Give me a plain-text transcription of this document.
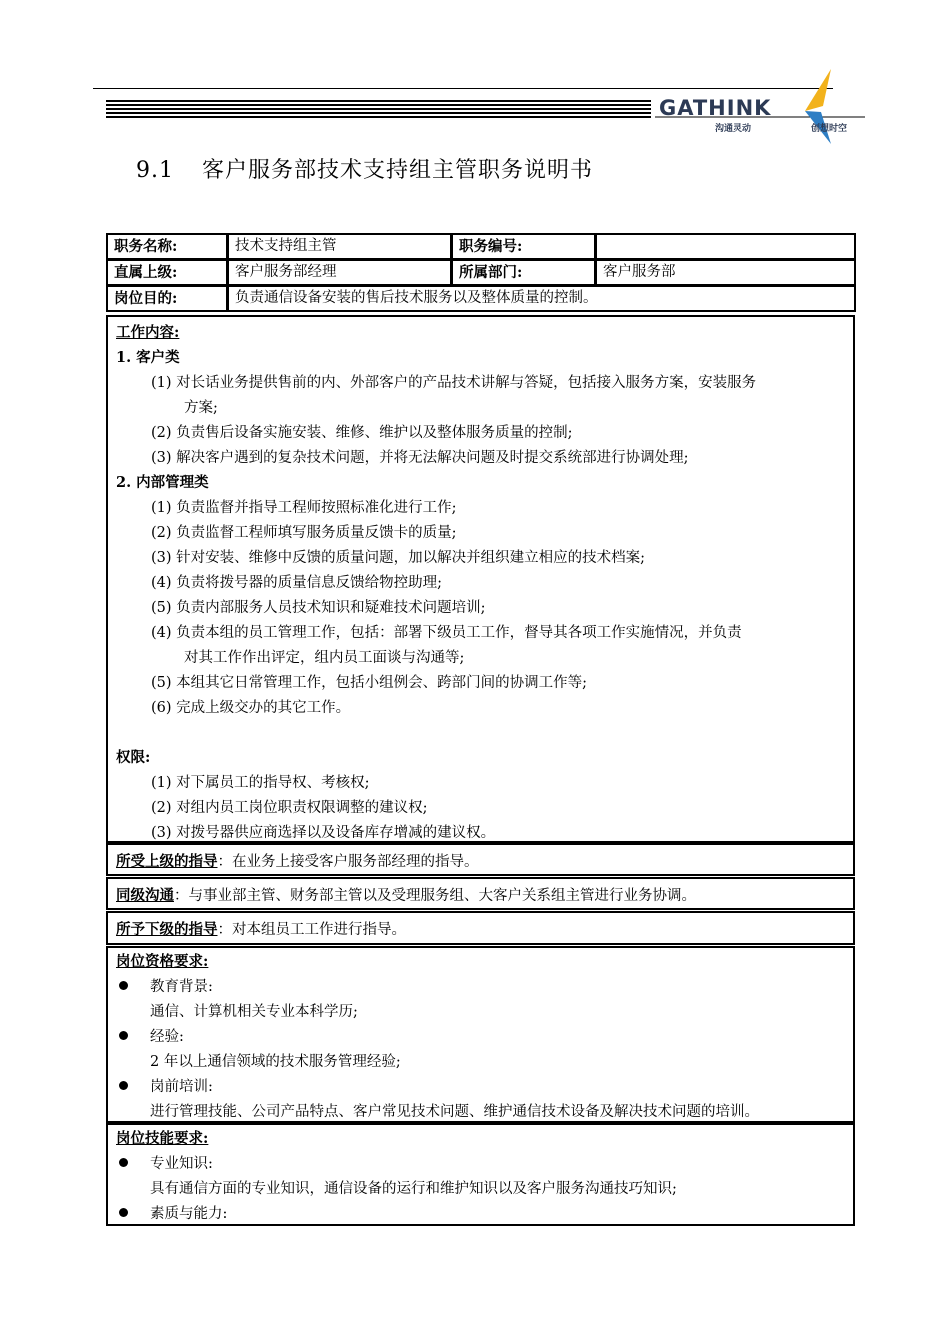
GATHINK
沟通灵动	创想时空
9.1 客户服务部技术支持组主管职务说明书
职务名称:	技术支持组主管	职务编号:	
直属上级:	客户服务部经理	所属部门:	客户服务部
岗位目的:	负责通信设备安装的售后技术服务以及整体质量的控制。		
工作内容:
1. 客户类
(1) 对长话业务提供售前的内、外部客户的产品技术讲解与答疑，包括接入服务方案，安装服务
方案;
(2) 负责售后设备实施安装、维修、维护以及整体服务质量的控制;
(3) 解决客户遇到的复杂技术问题，并将无法解决问题及时提交系统部进行协调处理;
2. 内部管理类
(1) 负责监督并指导工程师按照标准化进行工作;
(2) 负责监督工程师填写服务质量反馈卡的质量;
(3) 针对安装、维修中反馈的质量问题，加以解决并组织建立相应的技术档案;
(4) 负责将拨号器的质量信息反馈给物控助理;
(5) 负责内部服务人员技术知识和疑难技术问题培训;
(4) 负责本组的员工管理工作，包括：部署下级员工工作，督导其各项工作实施情况，并负责
对其工作作出评定，组内员工面谈与沟通等;
(5) 本组其它日常管理工作，包括小组例会、跨部门间的协调工作等;
(6) 完成上级交办的其它工作。
权限:
(1) 对下属员工的指导权、考核权;
(2) 对组内员工岗位职责权限调整的建议权;
(3) 对拨号器供应商选择以及设备库存增减的建议权。
所受上级的指导：在业务上接受客户服务部经理的指导。
同级沟通：与事业部主管、财务部主管以及受理服务组、大客户关系组主管进行业务协调。
所予下级的指导：对本组员工工作进行指导。
岗位资格要求:
教育背景:
通信、计算机相关专业本科学历;
经验:
2 年以上通信领域的技术服务管理经验;
岗前培训:
进行管理技能、公司产品特点、客户常见技术问题、维护通信技术设备及解决技术问题的培训。
岗位技能要求:
专业知识:
具有通信方面的专业知识，通信设备的运行和维护知识以及客户服务沟通技巧知识;
素质与能力:
